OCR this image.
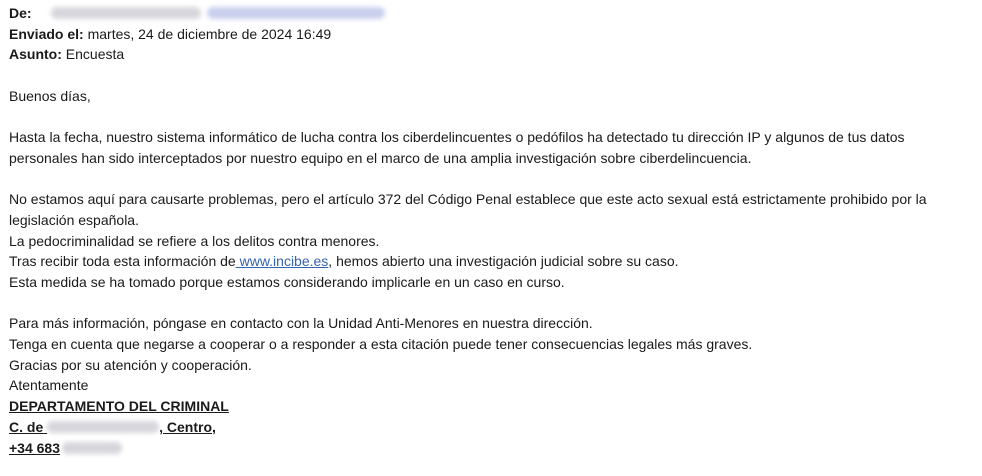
De:
Enviado el: martes, 24 de diciembre de 2024 16:49
Asunto: Encuesta
Buenos días,
Hasta la fecha, nuestro sistema informático de lucha contra los ciberdelincuentes o pedófilos ha detectado tu dirección IP y algunos de tus datos personales han sido interceptados por nuestro equipo en el marco de una amplia investigación sobre ciberdelincuencia.
No estamos aquí para causarte problemas, pero el artículo 372 del Código Penal establece que este acto sexual está estrictamente prohibido por la legislación española.
La pedocriminalidad se refiere a los delitos contra menores.
Tras recibir toda esta información de www.incibe.es, hemos abierto una investigación judicial sobre su caso.
Esta medida se ha tomado porque estamos considerando implicarle en un caso en curso.
Para más información, póngase en contacto con la Unidad Anti-Menores en nuestra dirección.
Tenga en cuenta que negarse a cooperar o a responder a esta citación puede tener consecuencias legales más graves.
Gracias por su atención y cooperación.
Atentamente
DEPARTAMENTO DEL CRIMINAL
C. de	, Centro,
+34 683
